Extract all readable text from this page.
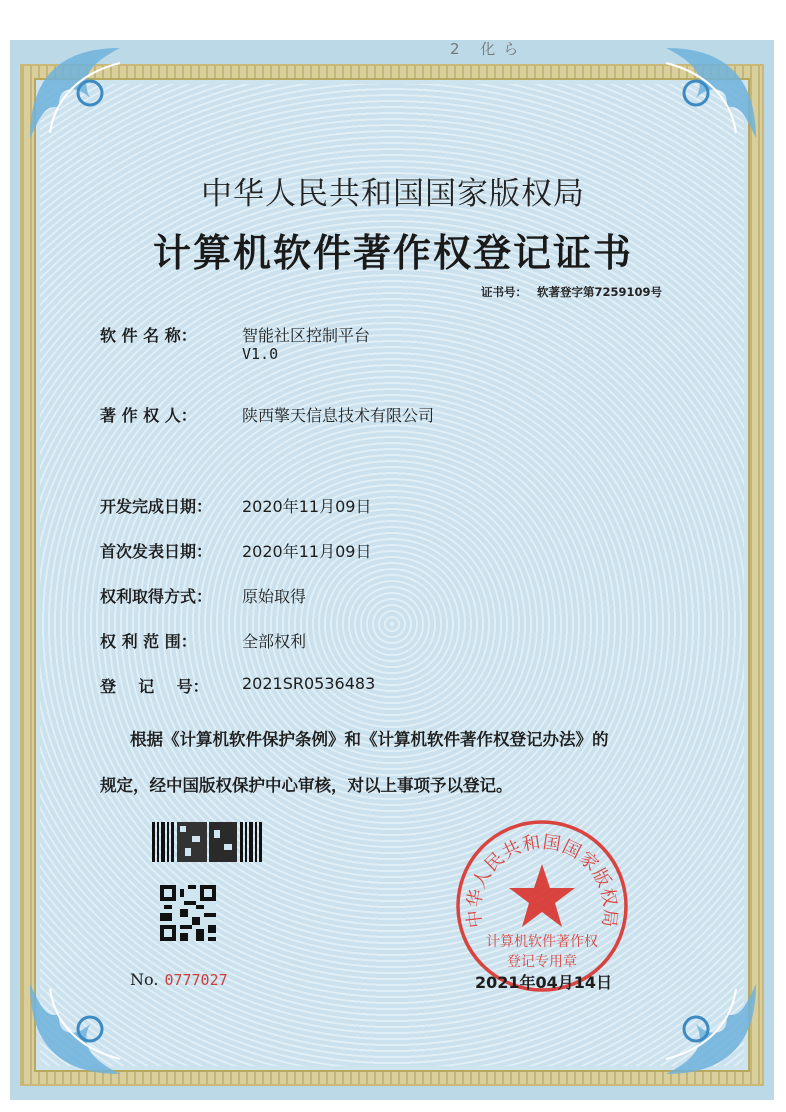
2 化ら
中华人民共和国国家版权局
计算机软件著作权登记证书
证书号： 软著登字第7259109号
软 件 名 称：	智能社区控制平台
V1.0
著 作 权 人：	陕西擎天信息技术有限公司
开发完成日期： 2020年11月09日
首次发表日期： 2020年11月09日
权利取得方式： 原始取得
权 利 范 围：	全部权利
登    记    号： 2021SR0536483
根据《计算机软件保护条例》和《计算机软件著作权登记办法》的
规定，经中国版权保护中心审核，对以上事项予以登记。
No. 0777027
中华人民共和国国家版权局
计算机软件著作权
登记专用章
2021年04月14日
